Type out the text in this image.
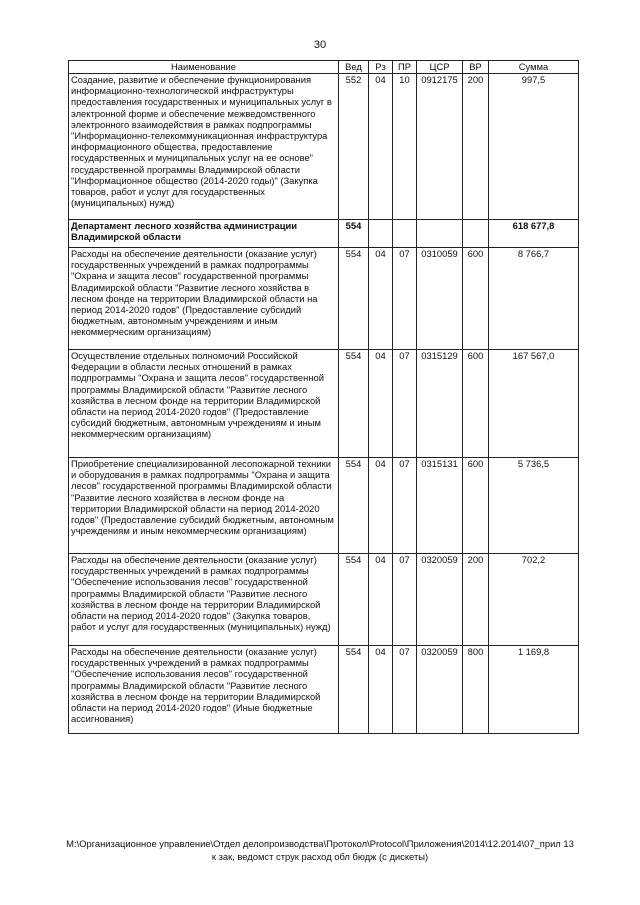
30
Наименование	Вед	Рз	ПР	ЦСР	ВР	Сумма
Создание, развитие и обеспечение функционирования информационно-технологической инфраструктуры предоставления государственных и муниципальных услуг в электронной форме и обеспечение межведомственного электронного взаимодействия в рамках подпрограммы "Информационно-телекоммуникационная инфраструктура информационного общества, предоставление государственных и муниципальных услуг на ее основе" государственной программы Владимирской области "Информационное общество (2014-2020 годы)" (Закупка товаров, работ и услуг для государственных (муниципальных) нужд)	552	04	10	0912175	200	997,5
Департамент лесного хозяйства администрации Владимирской области	554					618 677,8
Расходы на обеспечение деятельности (оказание услуг) государственных учреждений в рамках подпрограммы "Охрана и защита лесов" государственной программы Владимирской области "Развитие лесного хозяйства в лесном фонде на территории Владимирской области на период 2014-2020 годов" (Предоставление субсидий бюджетным, автономным учреждениям и иным некоммерческим организациям)	554	04	07	0310059	600	8 766,7
Осуществление отдельных полномочий Российской Федерации в области лесных отношений в рамках подпрограммы "Охрана и защита лесов" государственной программы Владимирской области "Развитие лесного хозяйства в лесном фонде на территории Владимирской области на период 2014-2020 годов" (Предоставление субсидий бюджетным, автономным учреждениям и иным некоммерческим организациям)	554	04	07	0315129	600	167 567,0
Приобретение специализированной лесопожарной техники и оборудования в рамках подпрограммы "Охрана и защита лесов" государственной программы Владимирской области "Развитие лесного хозяйства в лесном фонде на территории Владимирской области на период 2014-2020 годов" (Предоставление субсидий бюджетным, автономным учреждениям и иным некоммерческим организациям)	554	04	07	0315131	600	5 736,5
Расходы на обеспечение деятельности (оказание услуг) государственных учреждений в рамках подпрограммы "Обеспечение использования лесов" государственной программы Владимирской области "Развитие лесного хозяйства в лесном фонде на территории Владимирской области на период 2014-2020 годов" (Закупка товаров, работ и услуг для государственных (муниципальных) нужд)	554	04	07	0320059	200	702,2
Расходы на обеспечение деятельности (оказание услуг) государственных учреждений в рамках подпрограммы "Обеспечение использования лесов" государственной программы Владимирской области "Развитие лесного хозяйства в лесном фонде на территории Владимирской области на период 2014-2020 годов" (Иные бюджетные ассигнования)	554	04	07	0320059	800	1 169,8
M:\Организационное управление\Отдел делопроизводства\Протокол\Protocol\Приложения\2014\12.2014\07_прил 13
к зак, ведомст струк расход обл бюдж (с дискеты)
